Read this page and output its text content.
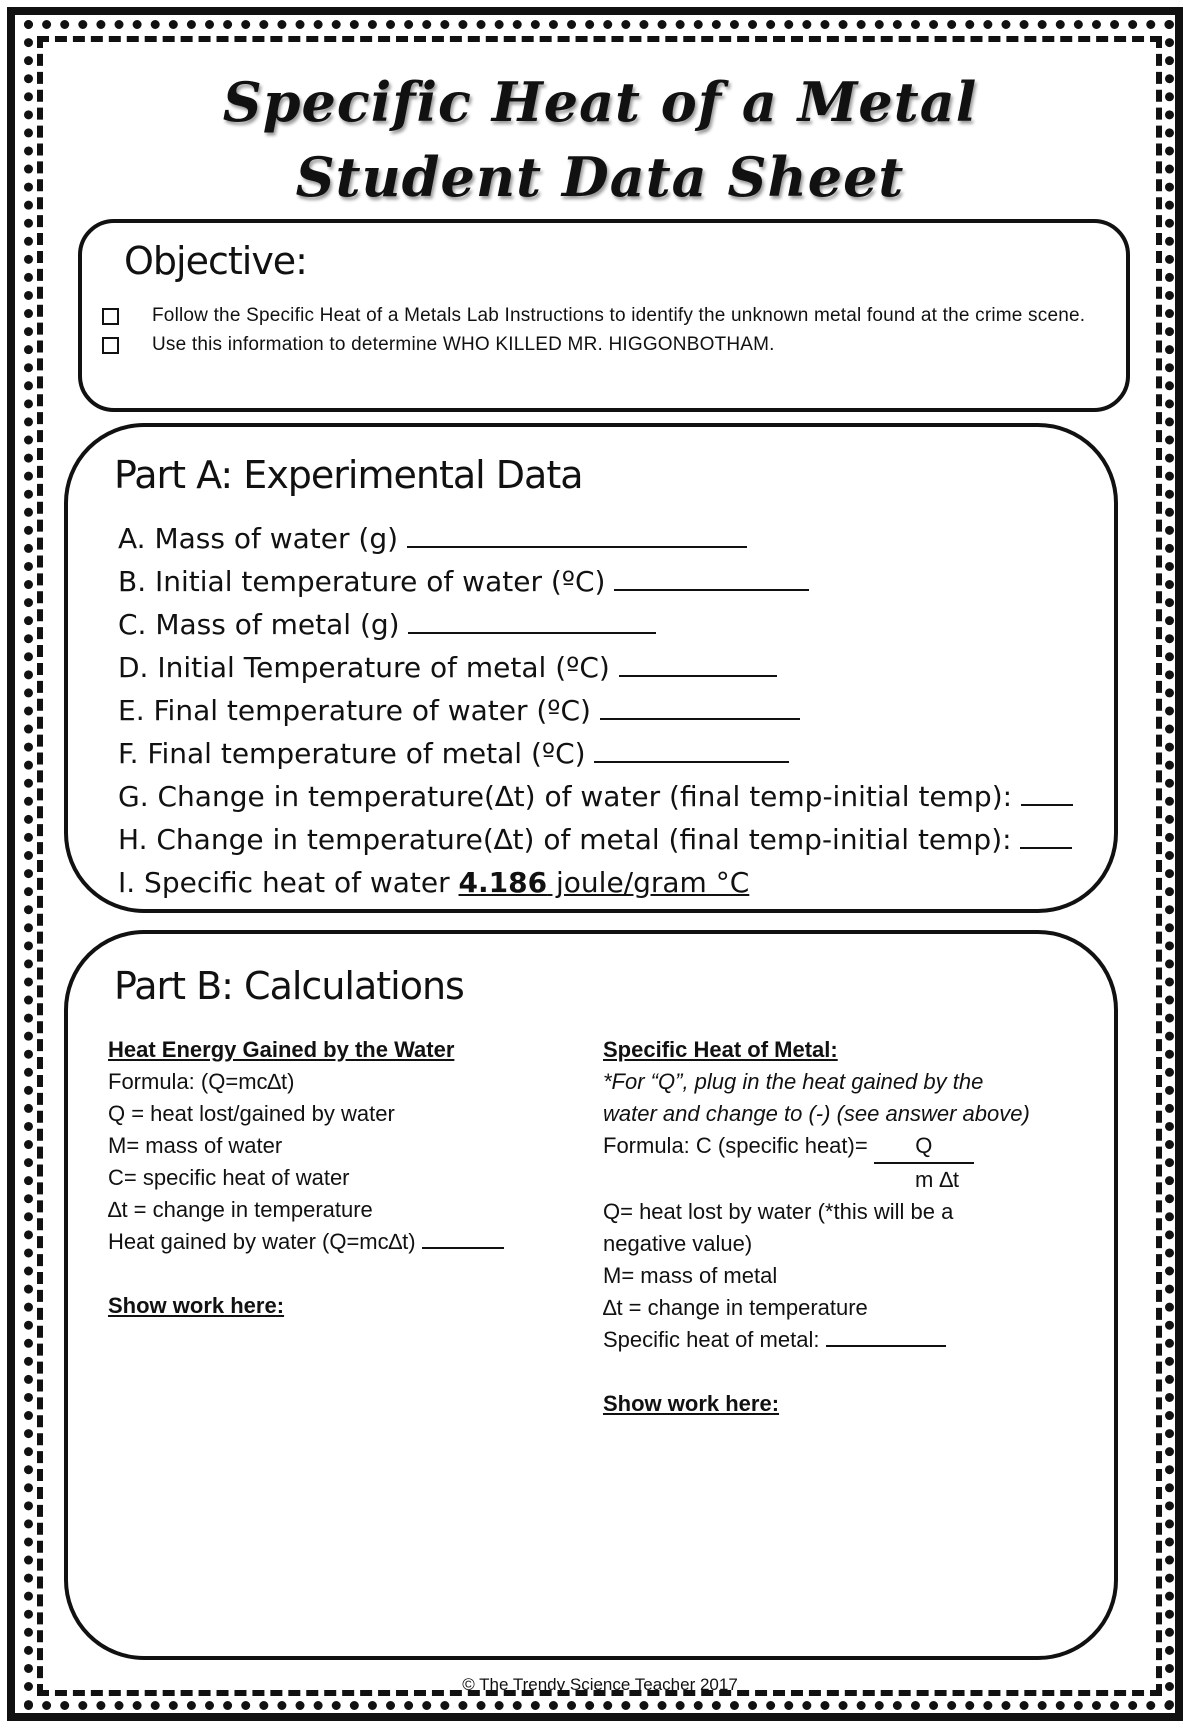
Specific Heat of a Metal
Student Data Sheet
Objective:
Follow the Specific Heat of a Metals Lab Instructions to identify the unknown metal found at the crime scene.
Use this information to determine WHO KILLED MR. HIGGONBOTHAM.
Part A: Experimental Data
A. Mass of water (g)
B. Initial temperature of water (ºC)
C. Mass of metal (g)
D. Initial Temperature of metal (ºC)
E. Final temperature of water (ºC)
F. Final temperature of metal (ºC)
G. Change in temperature(∆t) of water (final temp-initial temp):
H. Change in temperature(∆t) of metal (final temp-initial temp):
I. Specific heat of water 4.186 joule/gram °C
Part B: Calculations

Heat Energy Gained by the Water

Formula: (Q=mc∆t)

Q = heat lost/gained by water

M= mass of water

C= specific heat of water

∆t = change in temperature

Heat gained by water (Q=mc∆t)

Show work here:

Specific Heat of Metal:

*For “Q”, plug in the heat gained by the

water and change to (-) (see answer above)

Formula: C (specific heat)= Q

m ∆t

Q= heat lost by water (*this will be a

negative value)

M= mass of metal

∆t = change in temperature

Specific heat of metal:

Show work here:

© The Trendy Science Teacher 2017
